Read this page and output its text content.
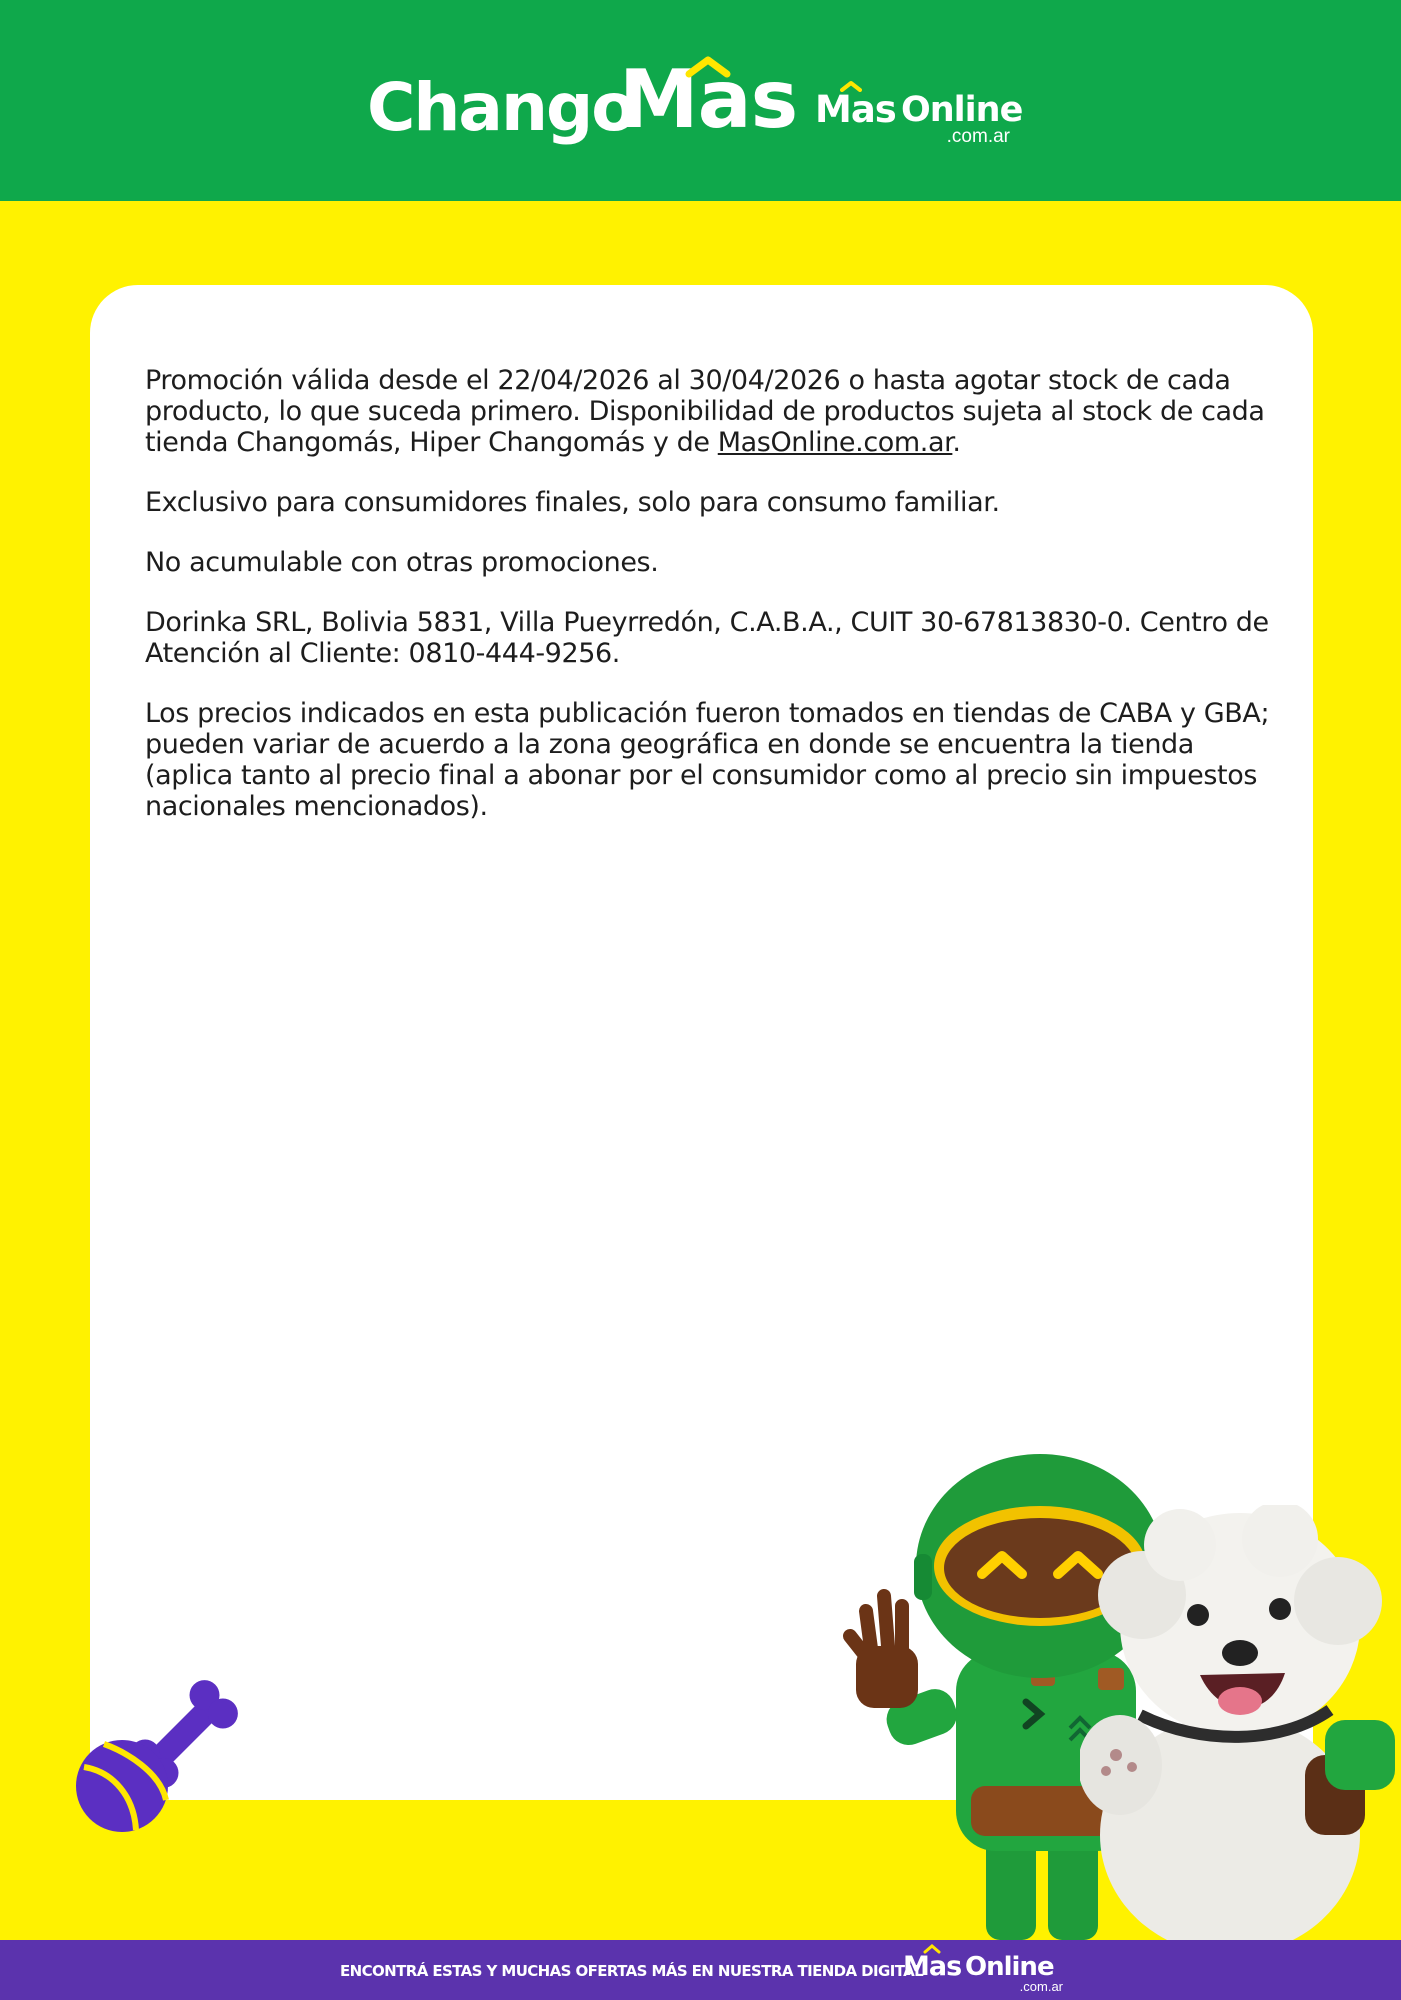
Chango
Mas Mas Online
.com.ar

Promoción válida desde el 22/04/2026 al 30/04/2026 o hasta agotar stock de cada producto, lo que suceda primero. Disponibilidad de productos sujeta al stock de cada tienda Changomás, Hiper Changomás y de MasOnline.com.ar.

Exclusivo para consumidores finales, solo para consumo familiar.

No acumulable con otras promociones.

Dorinka SRL, Bolivia 5831, Villa Pueyrredón, C.A.B.A., CUIT 30-67813830-0. Centro de Atención al Cliente: 0810-444-9256.

Los precios indicados en esta publicación fueron tomados en tiendas de CABA y GBA; pueden variar de acuerdo a la zona geográfica en donde se encuentra la tienda (aplica tanto al precio final a abonar por el consumidor como al precio sin impuestos nacionales mencionados).

ENCONTRÁ ESTAS Y MUCHAS OFERTAS MÁS EN NUESTRA TIENDA DIGITAL
Mas Online
.com.ar
